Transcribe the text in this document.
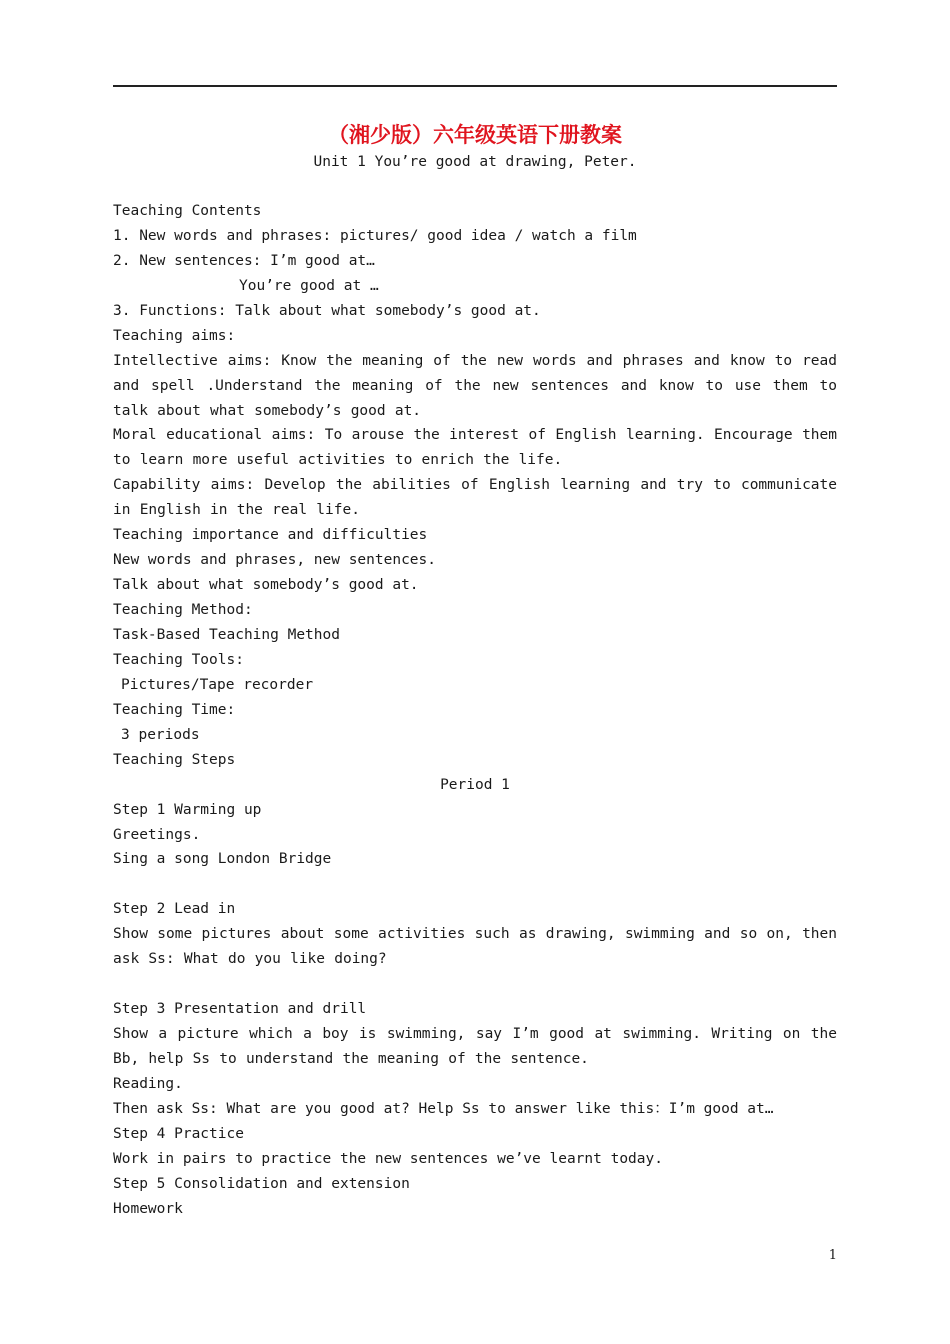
（湘少版）六年级英语下册教案
Unit 1 You’re good at drawing, Peter.
Teaching Contents
1. New words and phrases: pictures/ good idea / watch a film
2. New sentences: I’m good at…
You’re good at …
3. Functions: Talk about what somebody’s good at.
Teaching aims:
Intellective aims: Know the meaning of the new words and phrases and know to read and spell .Understand the meaning of the new sentences and know to use them to talk about what somebody’s good at.
Moral educational aims: To arouse the interest of English learning. Encourage them to learn more useful activities to enrich the life.
Capability aims: Develop the abilities of English learning and try to communicate in English in the real life.
Teaching importance and difficulties
New words and phrases, new sentences.
Talk about what somebody’s good at.
Teaching Method:
Task-Based Teaching Method
Teaching Tools:
Pictures/Tape recorder
Teaching Time:
3 periods
Teaching Steps
Period 1
Step 1 Warming up
Greetings.
Sing a song London Bridge
Step 2 Lead in
Show some pictures about some activities such as drawing, swimming and so on, then ask Ss: What do you like doing?
Step 3 Presentation and drill
Show a picture which a boy is swimming, say I’m good at swimming. Writing on the Bb, help Ss to understand the meaning of the sentence.
Reading.
Then ask Ss: What are you good at? Help Ss to answer like this：I’m good at…
Step 4 Practice
Work in pairs to practice the new sentences we’ve learnt today.
Step 5 Consolidation and extension
Homework
1
